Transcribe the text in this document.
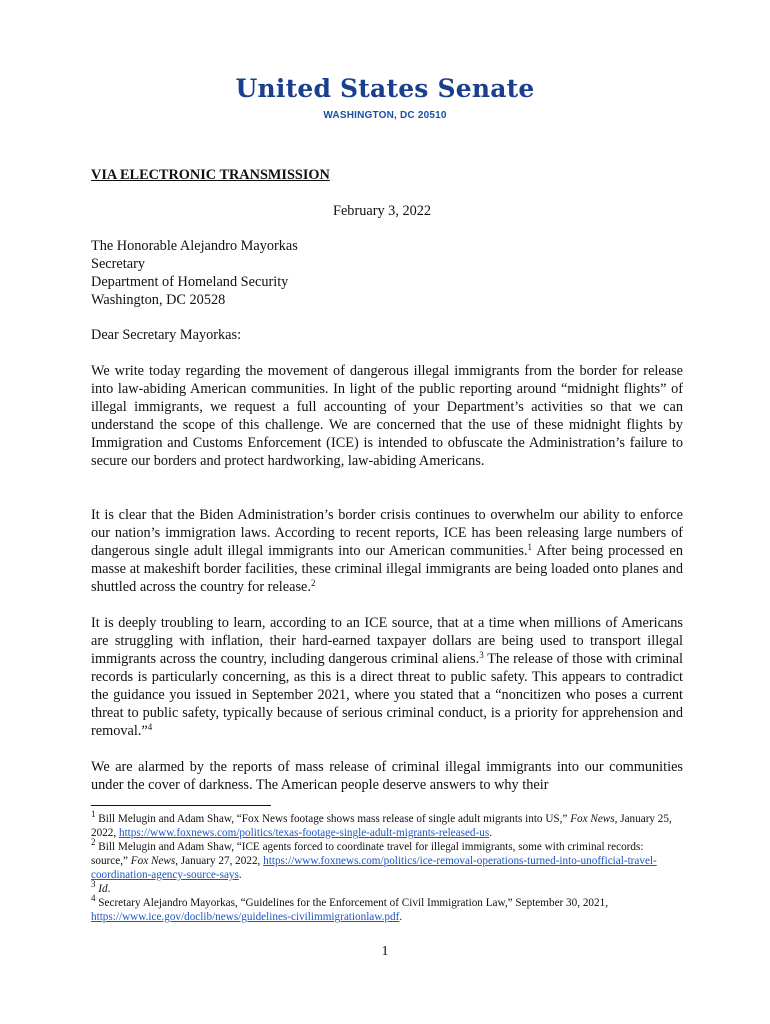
United States Senate
WASHINGTON, DC 20510
VIA ELECTRONIC TRANSMISSION
February 3, 2022
The Honorable Alejandro Mayorkas
Secretary
Department of Homeland Security
Washington, DC 20528
Dear Secretary Mayorkas:
We write today regarding the movement of dangerous illegal immigrants from the border for release into law-abiding American communities. In light of the public reporting around “midnight flights” of illegal immigrants, we request a full accounting of your Department’s activities so that we can understand the scope of this challenge. We are concerned that the use of these midnight flights by Immigration and Customs Enforcement (ICE) is intended to obfuscate the Administration’s failure to secure our borders and protect hardworking, law-abiding Americans.
It is clear that the Biden Administration’s border crisis continues to overwhelm our ability to enforce our nation’s immigration laws. According to recent reports, ICE has been releasing large numbers of dangerous single adult illegal immigrants into our American communities.$^1$ After being processed en masse at makeshift border facilities, these criminal illegal immigrants are being loaded onto planes and shuttled across the country for release.$^2$
It is deeply troubling to learn, according to an ICE source, that at a time when millions of Americans are struggling with inflation, their hard-earned taxpayer dollars are being used to transport illegal immigrants across the country, including dangerous criminal aliens.$^3$ The release of those with criminal records is particularly concerning, as this is a direct threat to public safety. This appears to contradict the guidance you issued in September 2021, where you stated that a “noncitizen who poses a current threat to public safety, typically because of serious criminal conduct, is a priority for apprehension and removal.”$^4$
We are alarmed by the reports of mass release of criminal illegal immigrants into our communities under the cover of darkness. The American people deserve answers to why their

$^1$ Bill Melugin and Adam Shaw, “Fox News footage shows mass release of single adult migrants into US,” Fox News, January 25, 2022, https://www.foxnews.com/politics/texas-footage-single-adult-migrants-released-us.

$^2$ Bill Melugin and Adam Shaw, “ICE agents forced to coordinate travel for illegal immigrants, some with criminal records: source,” Fox News, January 27, 2022, https://www.foxnews.com/politics/ice-removal-operations-turned-into-unofficial-travel-coordination-agency-source-says.

$^3$ Id.

$^4$ Secretary Alejandro Mayorkas, “Guidelines for the Enforcement of Civil Immigration Law,” September 30, 2021, https://www.ice.gov/doclib/news/guidelines-civilimmigrationlaw.pdf.

1
